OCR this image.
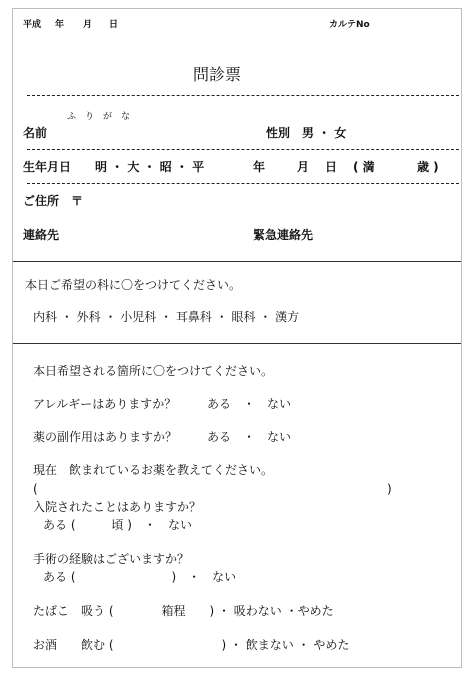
平成 年 月 日	カルテNo
問診票
ふ　り　が　な
名前	性別　男 ・ 女
生年月日 明 ・ 大 ・ 昭 ・ 平	年	月 日 ( 満	歳 )
ご住所　〒
連絡先	緊急連絡先
本日ご希望の科に〇をつけてください。
内科 ・ 外科 ・ 小児科 ・ 耳鼻科 ・ 眼科 ・ 漢方
本日希望される箇所に〇をつけてください。
アレルギーはありますか？	ある　・　ない
薬の副作用はありますか？ ある　・　ない
現在　飲まれているお薬を教えてください。
(	)
入院されたことはありますか？
ある (　　　頃 )　・　ない
手術の経験はございますか？
ある (　　　　　　　　)　・　ない
たばこ　吸う (　　　　箱程　　) ・ 吸わない ・やめた
お酒　　飲む (　　　　　　　　　) ・ 飲まない ・ やめた
